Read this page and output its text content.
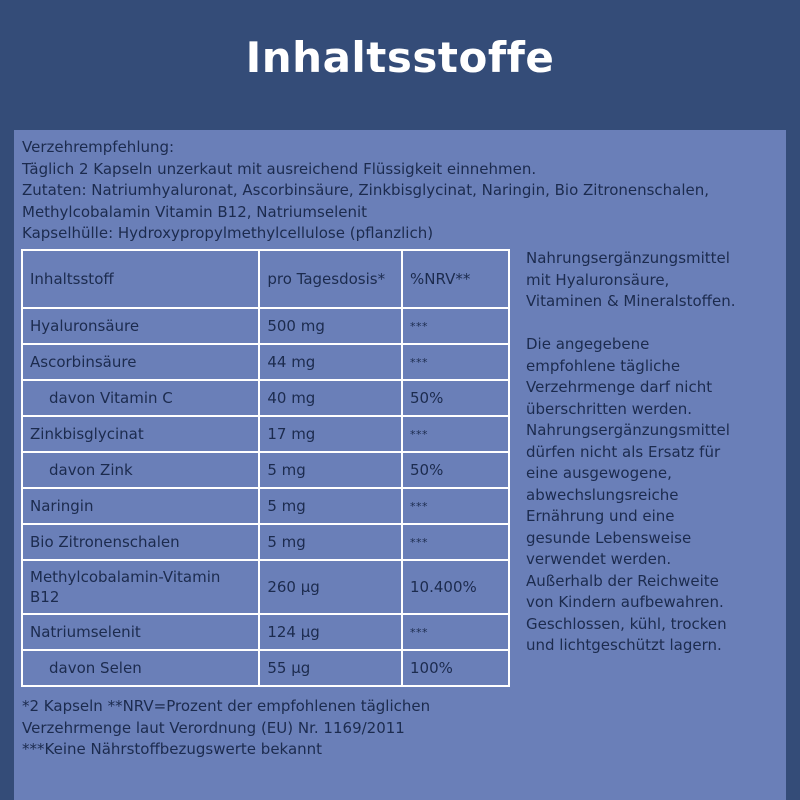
Inhaltsstoffe
Verzehrempfehlung:
Täglich 2 Kapseln unzerkaut mit ausreichend Flüssigkeit einnehmen.
Zutaten: Natriumhyaluronat, Ascorbinsäure, Zinkbisglycinat, Naringin, Bio Zitronenschalen,
Methylcobalamin Vitamin B12, Natriumselenit
Kapselhülle: Hydroxypropylmethylcellulose (pflanzlich)
Inhaltsstoff	pro Tagesdosis*	%NRV**
Hyaluronsäure	500 mg	***
Ascorbinsäure	44 mg	***
davon Vitamin C	40 mg	50%
Zinkbisglycinat	17 mg	***
davon Zink	5 mg	50%
Naringin	5 mg	***
Bio Zitronenschalen	5 mg	***
Methylcobalamin-Vitamin B12	260 µg	10.400%
Natriumselenit	124 µg	***
davon Selen	55 µg	100%
*2 Kapseln **NRV=Prozent der empfohlenen täglichen
Verzehrmenge laut Verordnung (EU) Nr. 1169/2011
***Keine Nährstoffbezugswerte bekannt
Nahrungsergänzungsmittel
mit Hyaluronsäure,
Vitaminen & Mineralstoffen.
Die angegebene
empfohlene tägliche
Verzehrmenge darf nicht
überschritten werden.
Nahrungsergänzungsmittel
dürfen nicht als Ersatz für
eine ausgewogene,
abwechslungsreiche
Ernährung und eine
gesunde Lebensweise
verwendet werden.
Außerhalb der Reichweite
von Kindern aufbewahren.
Geschlossen, kühl, trocken
und lichtgeschützt lagern.
